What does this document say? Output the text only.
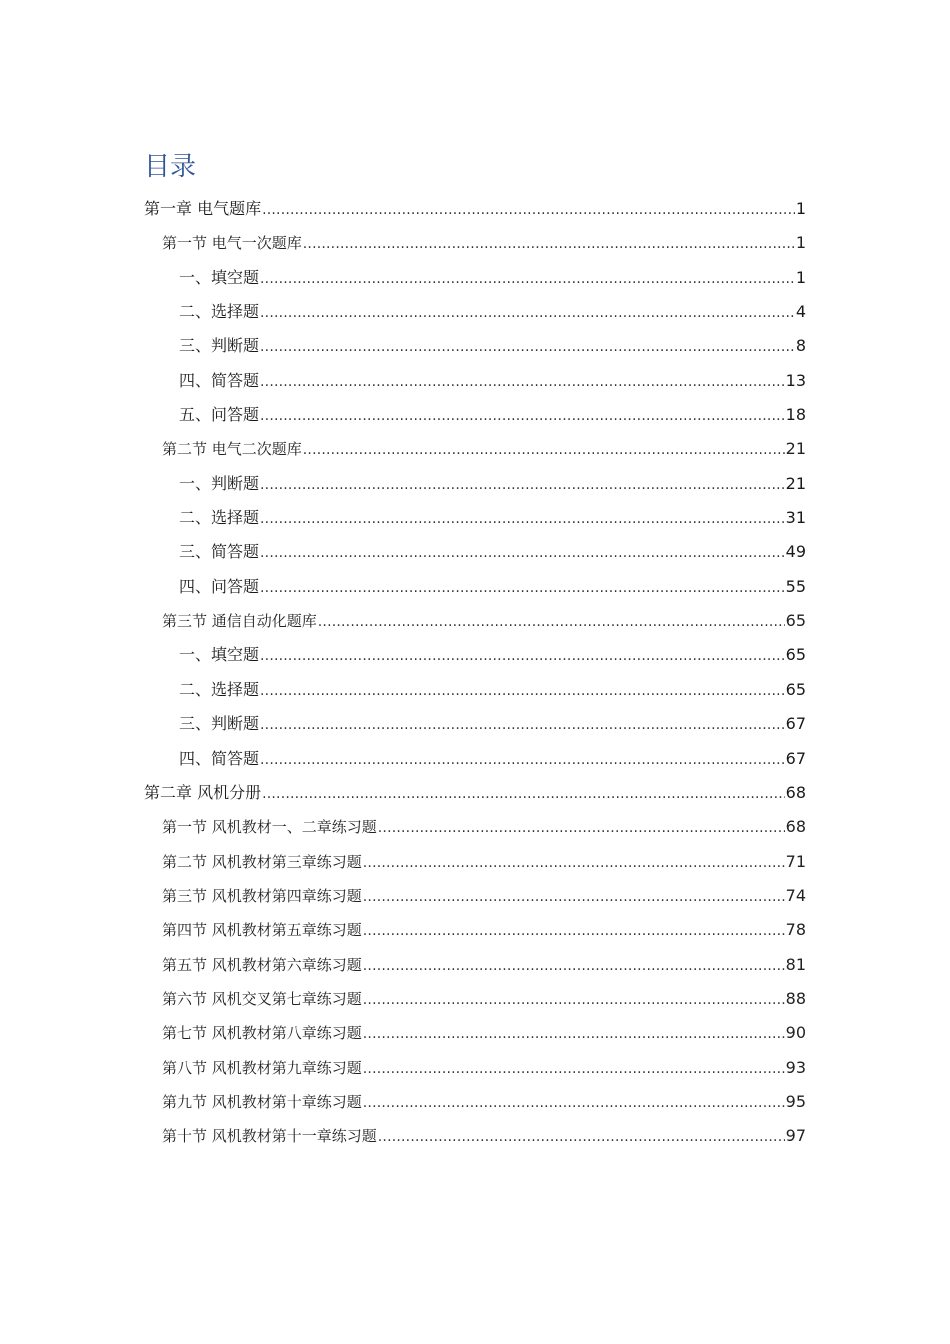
目录
第一章 电气题库 .....	1
第一节 电气一次题库 .....	1
一、填空题 .....	1
二、选择题 .....	4
三、判断题 .....	8
四、简答题 .....	13
五、问答题 .....	18
第二节 电气二次题库 .....	21
一、判断题 .....	21
二、选择题 .....	31
三、简答题 .....	49
四、问答题 .....	55
第三节 通信自动化题库 .....	65
一、填空题 .....	65
二、选择题 .....	65
三、判断题 .....	67
四、简答题 .....	67
第二章 风机分册 .....	68
第一节 风机教材一、二章练习题 .....	68
第二节 风机教材第三章练习题 .....	71
第三节 风机教材第四章练习题 .....	74
第四节 风机教材第五章练习题 .....	78
第五节 风机教材第六章练习题 .....	81
第六节 风机交叉第七章练习题 .....	88
第七节 风机教材第八章练习题 .....	90
第八节 风机教材第九章练习题 .....	93
第九节 风机教材第十章练习题 .....	95
第十节 风机教材第十一章练习题 .....	97
